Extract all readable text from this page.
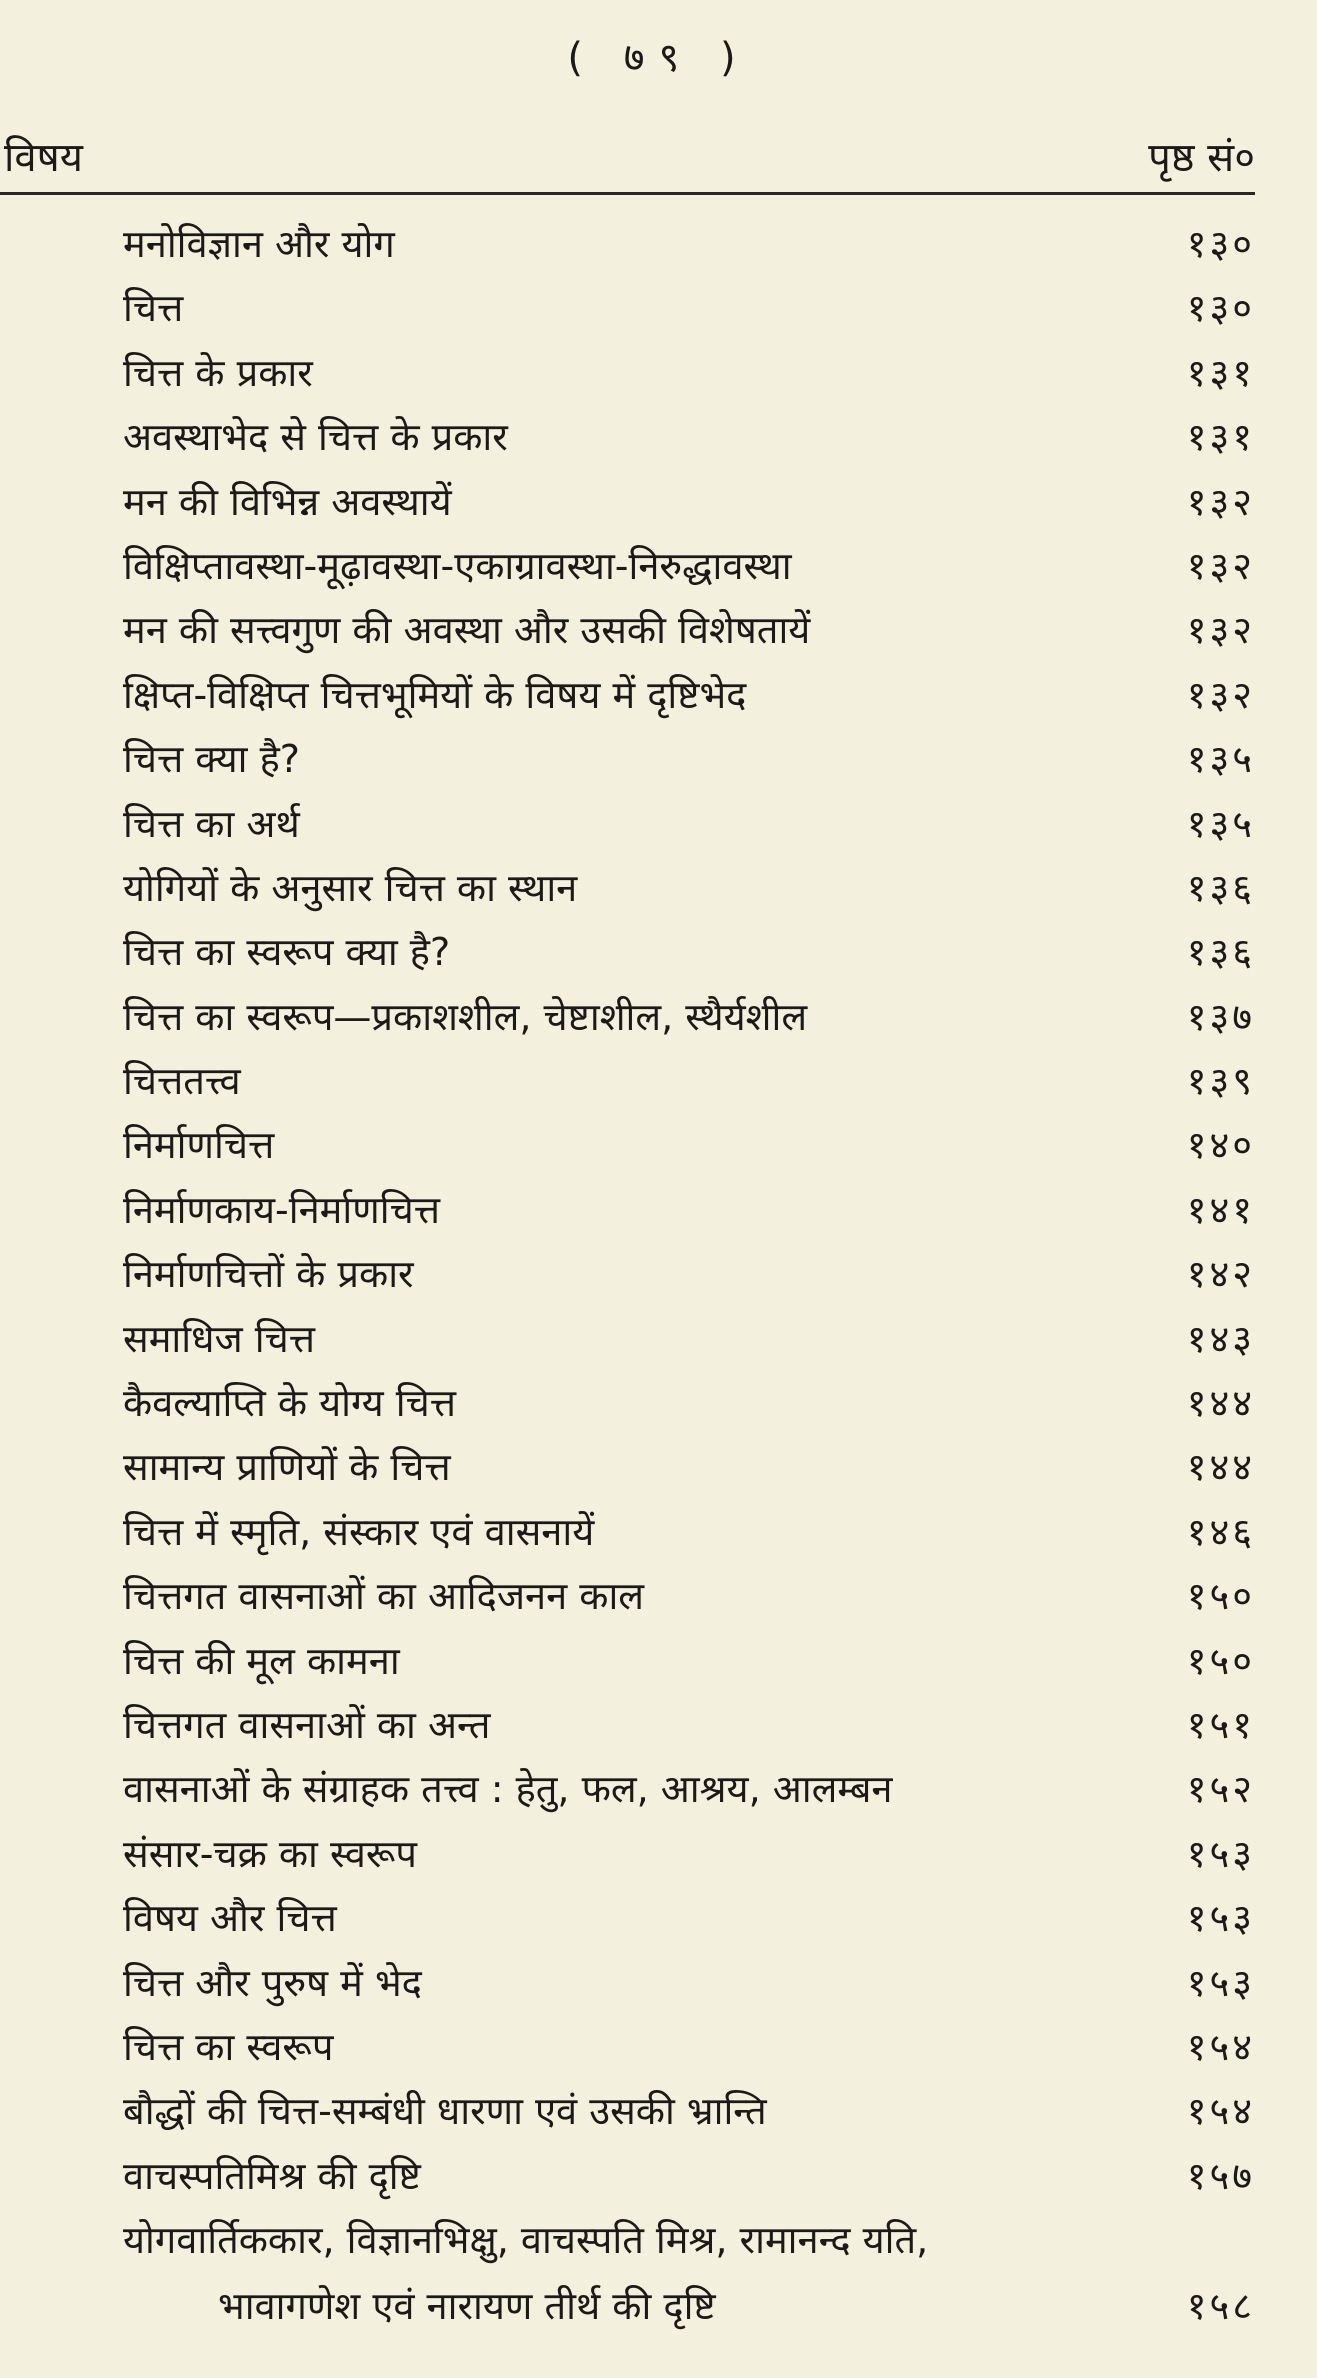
( ७९ )
विषय	पृष्ठ सं०
मनोविज्ञान और योग	१३०
चित्त	१३०
चित्त के प्रकार	१३१
अवस्थाभेद से चित्त के प्रकार	१३१
मन की विभिन्न अवस्थायें	१३२
विक्षिप्तावस्था-मूढ़ावस्था-एकाग्रावस्था-निरुद्धावस्था	१३२
मन की सत्त्वगुण की अवस्था और उसकी विशेषतायें	१३२
क्षिप्त-विक्षिप्त चित्तभूमियों के विषय में दृष्टिभेद	१३२
चित्त क्या है?	१३५
चित्त का अर्थ	१३५
योगियों के अनुसार चित्त का स्थान	१३६
चित्त का स्वरूप क्या है?	१३६
चित्त का स्वरूप—प्रकाशशील, चेष्टाशील, स्थैर्यशील	१३७
चित्ततत्त्व	१३९
निर्माणचित्त	१४०
निर्माणकाय-निर्माणचित्त	१४१
निर्माणचित्तों के प्रकार	१४२
समाधिज चित्त	१४३
कैवल्याप्ति के योग्य चित्त	१४४
सामान्य प्राणियों के चित्त	१४४
चित्त में स्मृति, संस्कार एवं वासनायें	१४६
चित्तगत वासनाओं का आदिजनन काल	१५०
चित्त की मूल कामना	१५०
चित्तगत वासनाओं का अन्त	१५१
वासनाओं के संग्राहक तत्त्व : हेतु, फल, आश्रय, आलम्बन	१५२
संसार-चक्र का स्वरूप	१५३
विषय और चित्त	१५३
चित्त और पुरुष में भेद	१५३
चित्त का स्वरूप	१५४
बौद्धों की चित्त-सम्बंधी धारणा एवं उसकी भ्रान्ति	१५४
वाचस्पतिमिश्र की दृष्टि	१५७
योगवार्तिककार, विज्ञानभिक्षु, वाचस्पति मिश्र, रामानन्द यति,
भावागणेश एवं नारायण तीर्थ की दृष्टि	१५८
